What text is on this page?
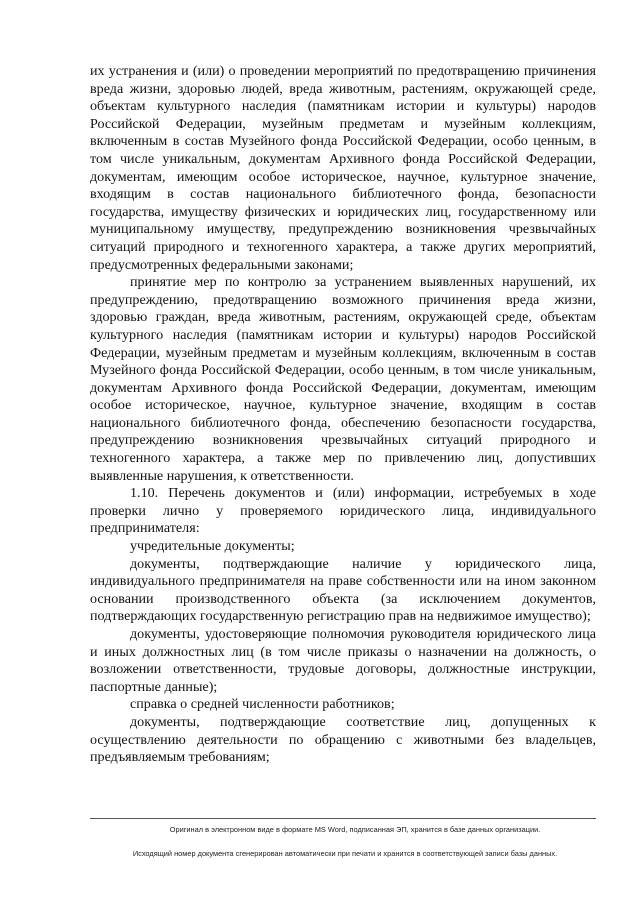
их устранения и (или) о проведении мероприятий по предотвращению причинения вреда жизни, здоровью людей, вреда животным, растениям, окружающей среде, объектам культурного наследия (памятникам истории и культуры) народов Российской Федерации, музейным предметам и музейным коллекциям, включенным в состав Музейного фонда Российской Федерации, особо ценным, в том числе уникальным, документам Архивного фонда Российской Федерации, документам, имеющим особое историческое, научное, культурное значение, входящим в состав национального библиотечного фонда, безопасности государства, имуществу физических и юридических лиц, государственному или муниципальному имуществу, предупреждению возникновения чрезвычайных ситуаций природного и техногенного характера, а также других мероприятий, предусмотренных федеральными законами;

принятие мер по контролю за устранением выявленных нарушений, их предупреждению, предотвращению возможного причинения вреда жизни, здоровью граждан, вреда животным, растениям, окружающей среде, объектам культурного наследия (памятникам истории и культуры) народов Российской Федерации, музейным предметам и музейным коллекциям, включенным в состав Музейного фонда Российской Федерации, особо ценным, в том числе уникальным, документам Архивного фонда Российской Федерации, документам, имеющим особое историческое, научное, культурное значение, входящим в состав национального библиотечного фонда, обеспечению безопасности государства, предупреждению возникновения чрезвычайных ситуаций природного и техногенного характера, а также мер по привлечению лиц, допустивших выявленные нарушения, к ответственности.

1.10. Перечень документов и (или) информации, истребуемых в ходе проверки лично у проверяемого юридического лица, индивидуального предпринимателя:

учредительные документы;

документы, подтверждающие наличие у юридического лица, индивидуального предпринимателя на праве собственности или на ином законном основании производственного объекта (за исключением документов, подтверждающих государственную регистрацию прав на недвижимое имущество);

документы, удостоверяющие полномочия руководителя юридического лица и иных должностных лиц (в том числе приказы о назначении на должность, о возложении ответственности, трудовые договоры, должностные инструкции, паспортные данные);

справка о средней численности работников;

документы, подтверждающие соответствие лиц, допущенных к осуществлению деятельности по обращению с животными без владельцев, предъявляемым требованиям;

Оригинал в электронном виде в формате MS Word, подписанная ЭП, хранится в базе данных организации.
Исходящий номер документа сгенерирован автоматически при печати и хранится в соответствующей записи базы данных.
